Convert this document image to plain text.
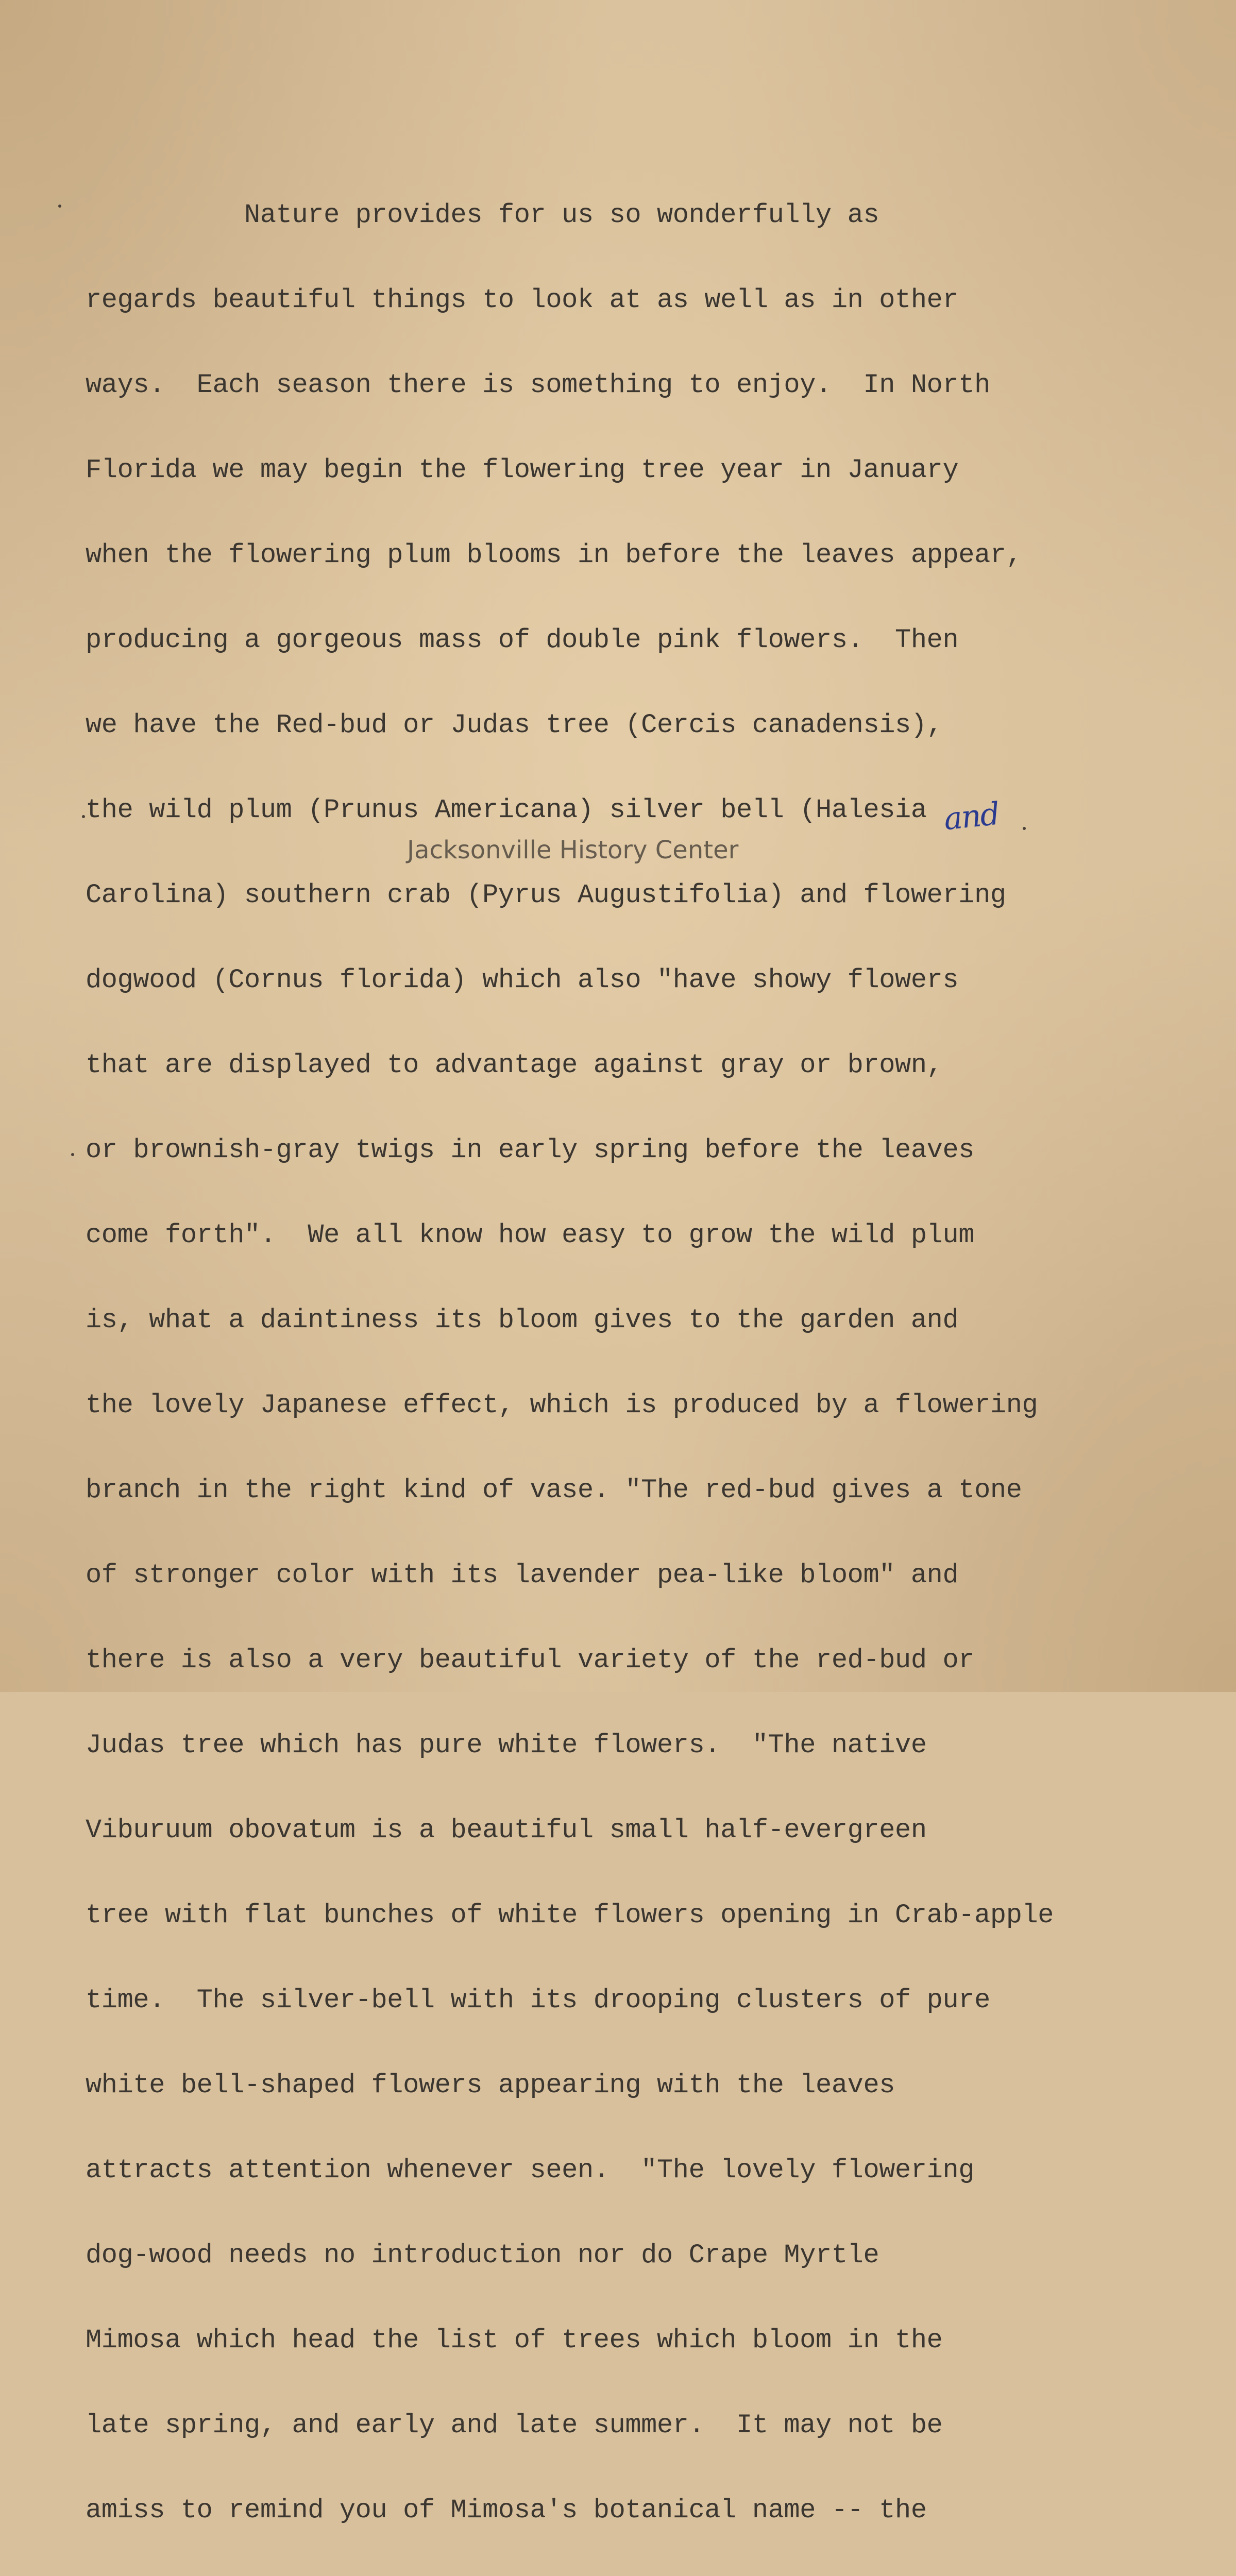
Nature provides for us so wonderfully as

regards beautiful things to look at as well as in other

ways.  Each season there is something to enjoy.  In North

Florida we may begin the flowering tree year in January

when the flowering plum blooms in before the leaves appear,

producing a gorgeous mass of double pink flowers.  Then

we have the Red-bud or Judas tree (Cercis canadensis),

the wild plum (Prunus Americana) silver bell (Halesia

Carolina) southern crab (Pyrus Augustifolia) and flowering

dogwood (Cornus florida) which also "have showy flowers

that are displayed to advantage against gray or brown,

or brownish-gray twigs in early spring before the leaves

come forth".  We all know how easy to grow the wild plum

is, what a daintiness its bloom gives to the garden and

the lovely Japanese effect, which is produced by a flowering

branch in the right kind of vase. "The red-bud gives a tone

of stronger color with its lavender pea-like bloom" and

there is also a very beautiful variety of the red-bud or

Judas tree which has pure white flowers.  "The native

Viburuum obovatum is a beautiful small half-evergreen

tree with flat bunches of white flowers opening in Crab-apple

time.  The silver-bell with its drooping clusters of pure

white bell-shaped flowers appearing with the leaves

attracts attention whenever seen.  "The lovely flowering

dog-wood needs no introduction nor do Crape Myrtle

Mimosa which head the list of trees which bloom in the

late spring, and early and late summer.  It may not be

amiss to remind you of Mimosa's botanical name -- the

and
Jacksonville History Center
